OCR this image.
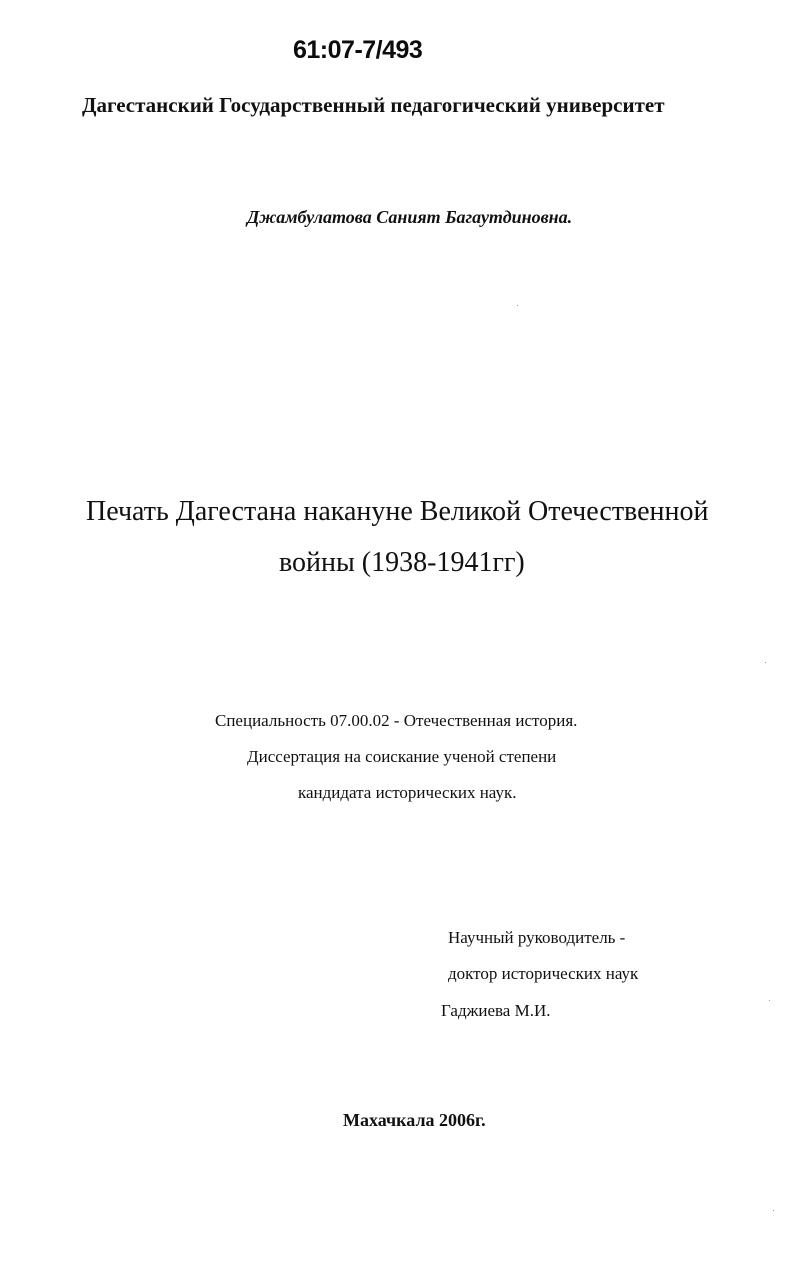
61:07-7/493

Дагестанский Государственный педагогический университет

Джамбулатова Саният Багаутдиновна.

Печать Дагестана накануне Великой Отечественной

войны (1938-1941гг)

Специальность 07.00.02 - Отечественная история.

Диссертация на соискание ученой степени

кандидата исторических наук.

Научный руководитель -

доктор исторических наук

Гаджиева М.И.

Махачкала 2006г.
